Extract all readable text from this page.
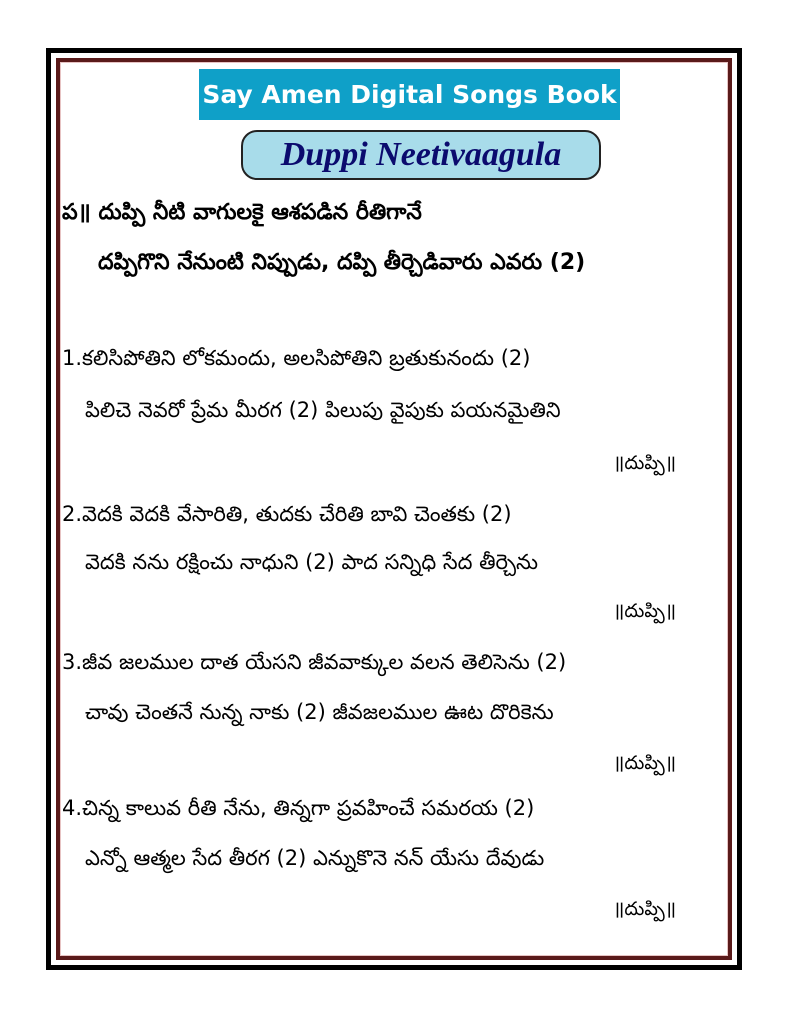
Say Amen Digital Songs Book
Duppi Neetivaagula
ప॥ దుప్పి నీటి వాగులకై ఆశపడిన రీతిగానే
దప్పిగొని నేనుంటి నిప్పుడు, దప్పి తీర్చెడివారు ఎవరు (2)
1.కలిసిపోతిని లోకమందు, అలసిపోతిని బ్రతుకునందు (2)
పిలిచె నెవరో ప్రేమ మీరగ (2) పిలుపు వైపుకు పయనమైతిని
॥దుప్పి॥
2.వెదకి వెదకి వేసారితి, తుదకు చేరితి బావి చెంతకు (2)
వెదకి నను రక్షించు నాధుని (2) పాద సన్నిధి సేద తీర్చెను
॥దుప్పి॥
3.జీవ జలముల దాత యేసని జీవవాక్కుల వలన తెలిసెను (2)
చావు చెంతనే నున్న నాకు (2) జీవజలముల ఊట దొరికెను
॥దుప్పి॥
4.చిన్న కాలువ రీతి నేను, తిన్నగా ప్రవహించే సమరయ (2)
ఎన్నో ఆత్మల సేద తీరగ (2) ఎన్నుకొనె నన్ యేసు దేవుడు
॥దుప్పి॥
